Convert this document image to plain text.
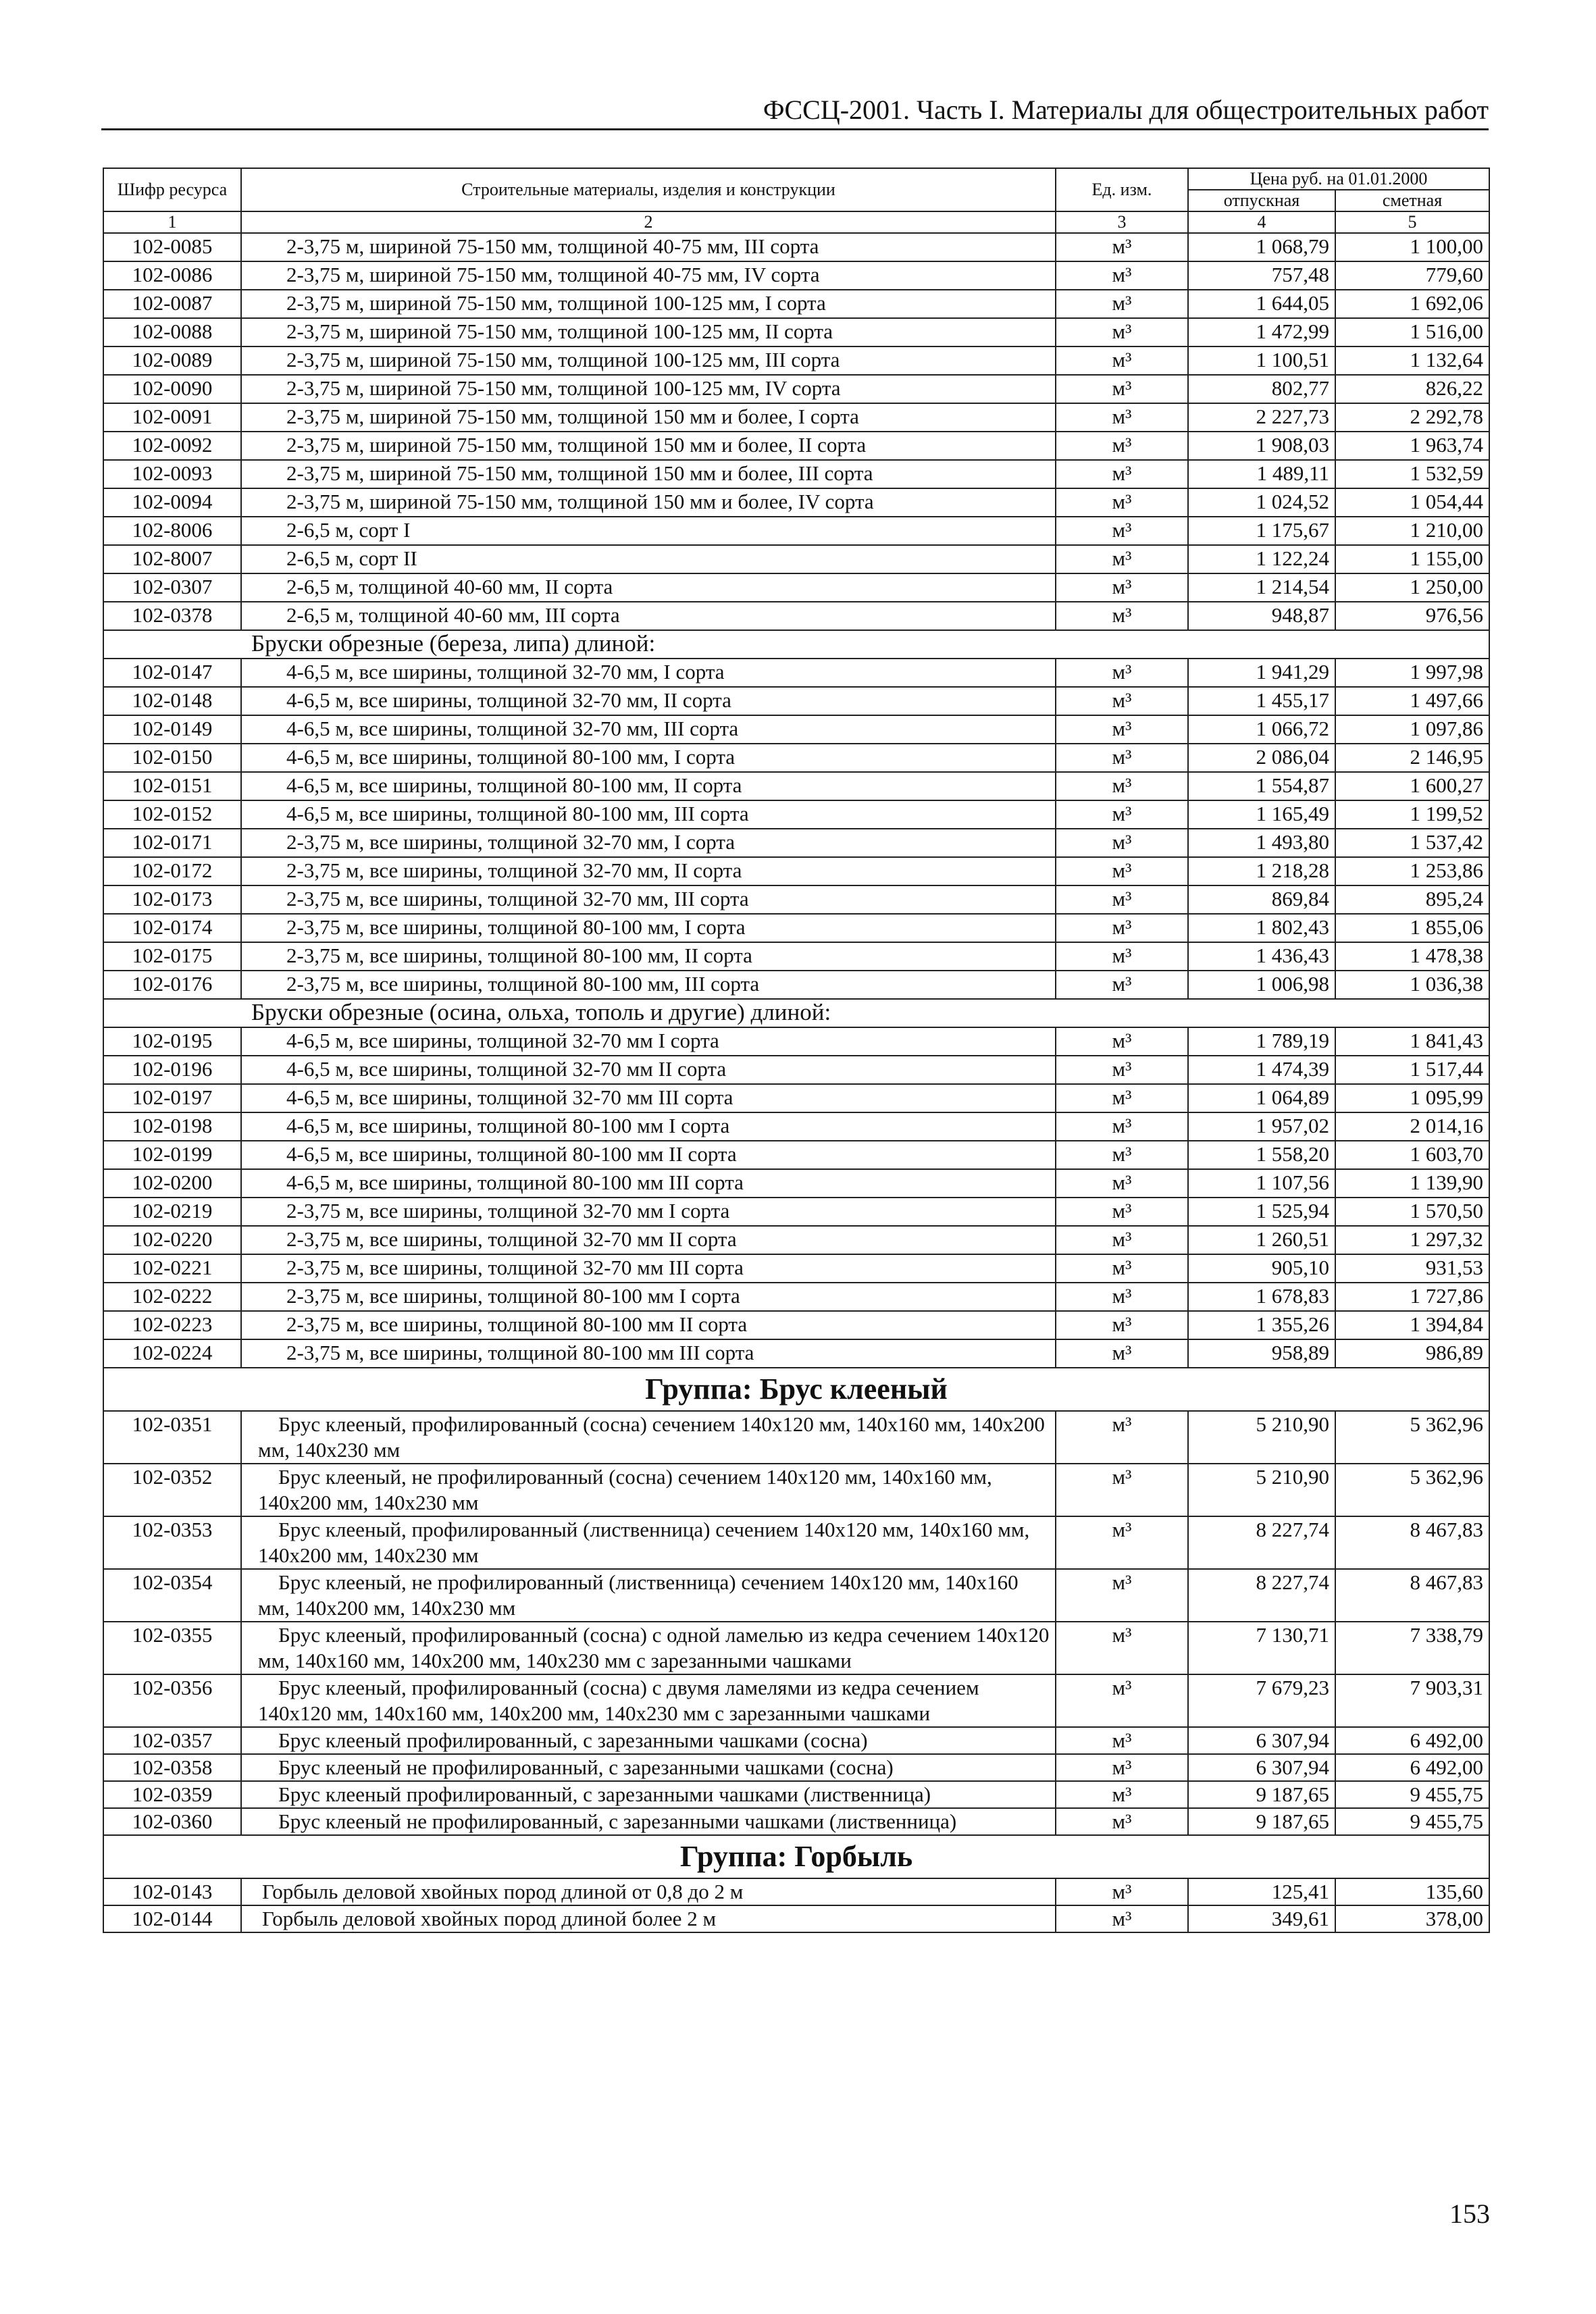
ФССЦ-2001. Часть I. Материалы для общестроительных работ
Шифр ресурса	Строительные материалы, изделия и конструкции	Ед. изм.	Цена руб. на 01.01.2000	
			отпускная	сметная
1	2	3	4	5
102-0085	2-3,75 м, шириной 75-150 мм, толщиной 40-75 мм, III сорта	м³	1 068,79	1 100,00
102-0086	2-3,75 м, шириной 75-150 мм, толщиной 40-75 мм, IV сорта	м³	757,48	779,60
102-0087	2-3,75 м, шириной 75-150 мм, толщиной 100-125 мм, I сорта	м³	1 644,05	1 692,06
102-0088	2-3,75 м, шириной 75-150 мм, толщиной 100-125 мм, II сорта	м³	1 472,99	1 516,00
102-0089	2-3,75 м, шириной 75-150 мм, толщиной 100-125 мм, III сорта	м³	1 100,51	1 132,64
102-0090	2-3,75 м, шириной 75-150 мм, толщиной 100-125 мм, IV сорта	м³	802,77	826,22
102-0091	2-3,75 м, шириной 75-150 мм, толщиной 150 мм и более, I сорта	м³	2 227,73	2 292,78
102-0092	2-3,75 м, шириной 75-150 мм, толщиной 150 мм и более, II сорта	м³	1 908,03	1 963,74
102-0093	2-3,75 м, шириной 75-150 мм, толщиной 150 мм и более, III сорта	м³	1 489,11	1 532,59
102-0094	2-3,75 м, шириной 75-150 мм, толщиной 150 мм и более, IV сорта	м³	1 024,52	1 054,44
102-8006	2-6,5 м, сорт I	м³	1 175,67	1 210,00
102-8007	2-6,5 м, сорт II	м³	1 122,24	1 155,00
102-0307	2-6,5 м, толщиной 40-60 мм, II сорта	м³	1 214,54	1 250,00
102-0378	2-6,5 м, толщиной 40-60 мм, III сорта	м³	948,87	976,56
Бруски обрезные (береза, липа) длиной:				
102-0147	4-6,5 м, все ширины, толщиной 32-70 мм, I сорта	м³	1 941,29	1 997,98
102-0148	4-6,5 м, все ширины, толщиной 32-70 мм, II сорта	м³	1 455,17	1 497,66
102-0149	4-6,5 м, все ширины, толщиной 32-70 мм, III сорта	м³	1 066,72	1 097,86
102-0150	4-6,5 м, все ширины, толщиной 80-100 мм, I сорта	м³	2 086,04	2 146,95
102-0151	4-6,5 м, все ширины, толщиной 80-100 мм, II сорта	м³	1 554,87	1 600,27
102-0152	4-6,5 м, все ширины, толщиной 80-100 мм, III сорта	м³	1 165,49	1 199,52
102-0171	2-3,75 м, все ширины, толщиной 32-70 мм, I сорта	м³	1 493,80	1 537,42
102-0172	2-3,75 м, все ширины, толщиной 32-70 мм, II сорта	м³	1 218,28	1 253,86
102-0173	2-3,75 м, все ширины, толщиной 32-70 мм, III сорта	м³	869,84	895,24
102-0174	2-3,75 м, все ширины, толщиной 80-100 мм, I сорта	м³	1 802,43	1 855,06
102-0175	2-3,75 м, все ширины, толщиной 80-100 мм, II сорта	м³	1 436,43	1 478,38
102-0176	2-3,75 м, все ширины, толщиной 80-100 мм, III сорта	м³	1 006,98	1 036,38
Бруски обрезные (осина, ольха, тополь и другие) длиной:				
102-0195	4-6,5 м, все ширины, толщиной 32-70 мм I сорта	м³	1 789,19	1 841,43
102-0196	4-6,5 м, все ширины, толщиной 32-70 мм II сорта	м³	1 474,39	1 517,44
102-0197	4-6,5 м, все ширины, толщиной 32-70 мм III сорта	м³	1 064,89	1 095,99
102-0198	4-6,5 м, все ширины, толщиной 80-100 мм I сорта	м³	1 957,02	2 014,16
102-0199	4-6,5 м, все ширины, толщиной 80-100 мм II сорта	м³	1 558,20	1 603,70
102-0200	4-6,5 м, все ширины, толщиной 80-100 мм III сорта	м³	1 107,56	1 139,90
102-0219	2-3,75 м, все ширины, толщиной 32-70 мм I сорта	м³	1 525,94	1 570,50
102-0220	2-3,75 м, все ширины, толщиной 32-70 мм II сорта	м³	1 260,51	1 297,32
102-0221	2-3,75 м, все ширины, толщиной 32-70 мм III сорта	м³	905,10	931,53
102-0222	2-3,75 м, все ширины, толщиной 80-100 мм I сорта	м³	1 678,83	1 727,86
102-0223	2-3,75 м, все ширины, толщиной 80-100 мм II сорта	м³	1 355,26	1 394,84
102-0224	2-3,75 м, все ширины, толщиной 80-100 мм III сорта	м³	958,89	986,89
Группа: Брус клееный				
102-0351	Брус клееный, профилированный (сосна) сечением 140х120 мм, 140х160 мм, 140х200 мм, 140х230 мм	м³	5 210,90	5 362,96
102-0352	Брус клееный, не профилированный (сосна) сечением 140х120 мм, 140х160 мм, 140х200 мм, 140х230 мм	м³	5 210,90	5 362,96
102-0353	Брус клееный, профилированный (лиственница) сечением 140х120 мм, 140х160 мм, 140х200 мм, 140х230 мм	м³	8 227,74	8 467,83
102-0354	Брус клееный, не профилированный (лиственница) сечением 140х120 мм, 140х160 мм, 140х200 мм, 140х230 мм	м³	8 227,74	8 467,83
102-0355	Брус клееный, профилированный (сосна) с одной ламелью из кедра сечением 140х120 мм, 140х160 мм, 140х200 мм, 140х230 мм с зарезанными чашками	м³	7 130,71	7 338,79
102-0356	Брус клееный, профилированный (сосна) с двумя ламелями из кедра сечением 140х120 мм, 140х160 мм, 140х200 мм, 140х230 мм с зарезанными чашками	м³	7 679,23	7 903,31
102-0357	Брус клееный профилированный, с зарезанными чашками (сосна)	м³	6 307,94	6 492,00
102-0358	Брус клееный не профилированный, с зарезанными чашками (сосна)	м³	6 307,94	6 492,00
102-0359	Брус клееный профилированный, с зарезанными чашками (лиственница)	м³	9 187,65	9 455,75
102-0360	Брус клееный не профилированный, с зарезанными чашками (лиственница)	м³	9 187,65	9 455,75
Группа: Горбыль				
102-0143	Горбыль деловой хвойных пород длиной от 0,8 до 2 м	м³	125,41	135,60
102-0144	Горбыль деловой хвойных пород длиной более 2 м	м³	349,61	378,00
153
